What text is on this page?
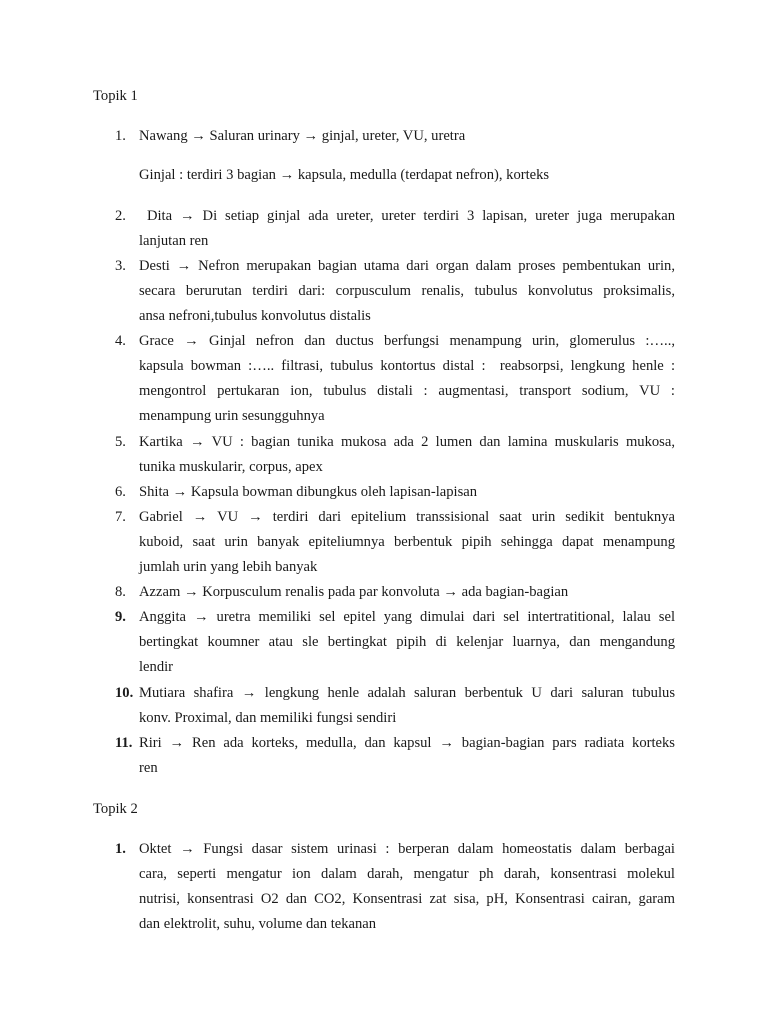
Topik 1
1. Nawang → Saluran urinary → ginjal, ureter, VU, uretra
Ginjal : terdiri 3 bagian → kapsula, medulla (terdapat nefron), korteks
2. Dita → Di setiap ginjal ada ureter, ureter terdiri 3 lapisan, ureter juga merupakan
lanjutan ren
3. Desti → Nefron merupakan bagian utama dari organ dalam proses pembentukan urin,
secara berurutan terdiri dari: corpusculum renalis, tubulus konvolutus proksimalis,
ansa nefroni,tubulus konvolutus distalis
4. Grace → Ginjal nefron dan ductus berfungsi menampung urin, glomerulus :…..,
kapsula bowman :….. filtrasi, tubulus kontortus distal :  reabsorpsi, lengkung henle :
mengontrol pertukaran ion, tubulus distali : augmentasi, transport sodium, VU :
menampung urin sesungguhnya
5. Kartika → VU : bagian tunika mukosa ada 2 lumen dan lamina muskularis mukosa,
tunika muskularir, corpus, apex
6. Shita → Kapsula bowman dibungkus oleh lapisan-lapisan
7. Gabriel → VU → terdiri dari epitelium transsisional saat urin sedikit bentuknya
kuboid, saat urin banyak epiteliumnya berbentuk pipih sehingga dapat menampung
jumlah urin yang lebih banyak
8. Azzam → Korpusculum renalis pada par konvoluta → ada bagian-bagian
9. Anggita → uretra memiliki sel epitel yang dimulai dari sel intertratitional, lalau sel
bertingkat koumner atau sle bertingkat pipih di kelenjar luarnya, dan mengandung
lendir
10. Mutiara shafira → lengkung henle adalah saluran berbentuk U dari saluran tubulus
konv. Proximal, dan memiliki fungsi sendiri
11. Riri → Ren ada korteks, medulla, dan kapsul → bagian-bagian pars radiata korteks
ren
Topik 2
1. Oktet → Fungsi dasar sistem urinasi : berperan dalam homeostatis dalam berbagai
cara, seperti mengatur ion dalam darah, mengatur ph darah, konsentrasi molekul
nutrisi, konsentrasi O2 dan CO2, Konsentrasi zat sisa, pH, Konsentrasi cairan, garam
dan elektrolit, suhu, volume dan tekanan
